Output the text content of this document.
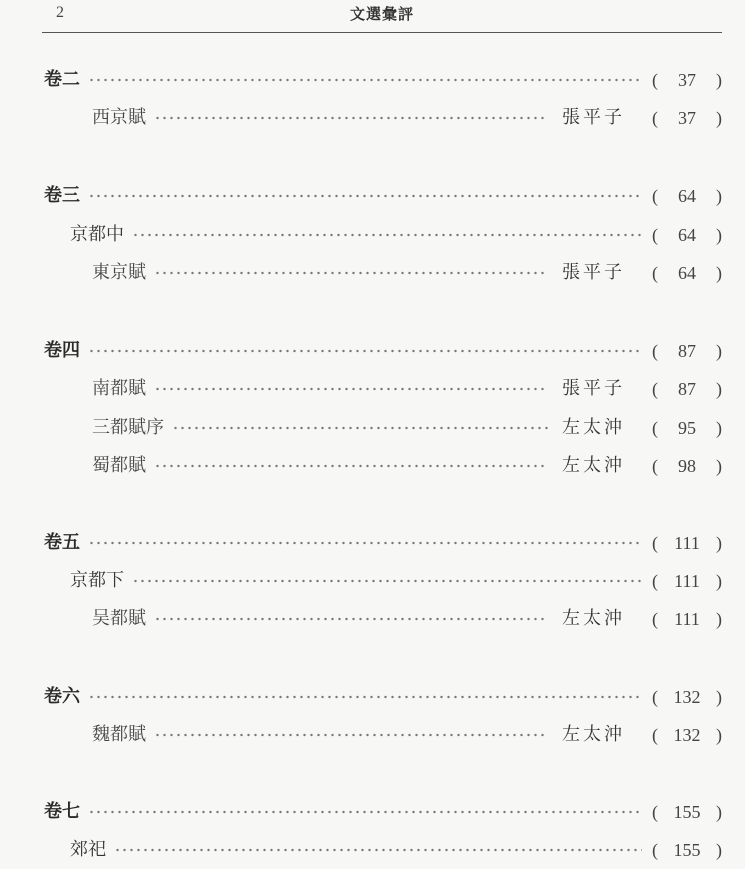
2	文選彙評
卷二	(	37	)
西京賦	張平子	(	37	)
卷三	(	64	)
京都中	(	64	)
東京賦	張平子	(	64	)
卷四	(	87	)
南都賦	張平子	(	87	)
三都賦序	左太沖	(	95	)
蜀都賦	左太沖	(	98	)
卷五	( 111 )
京都下	( 111 )
吴都賦	左太沖	( 111 )
卷六	( 132 )
魏都賦	左太沖	( 132 )
卷七	( 155 )
郊祀	( 155 )
